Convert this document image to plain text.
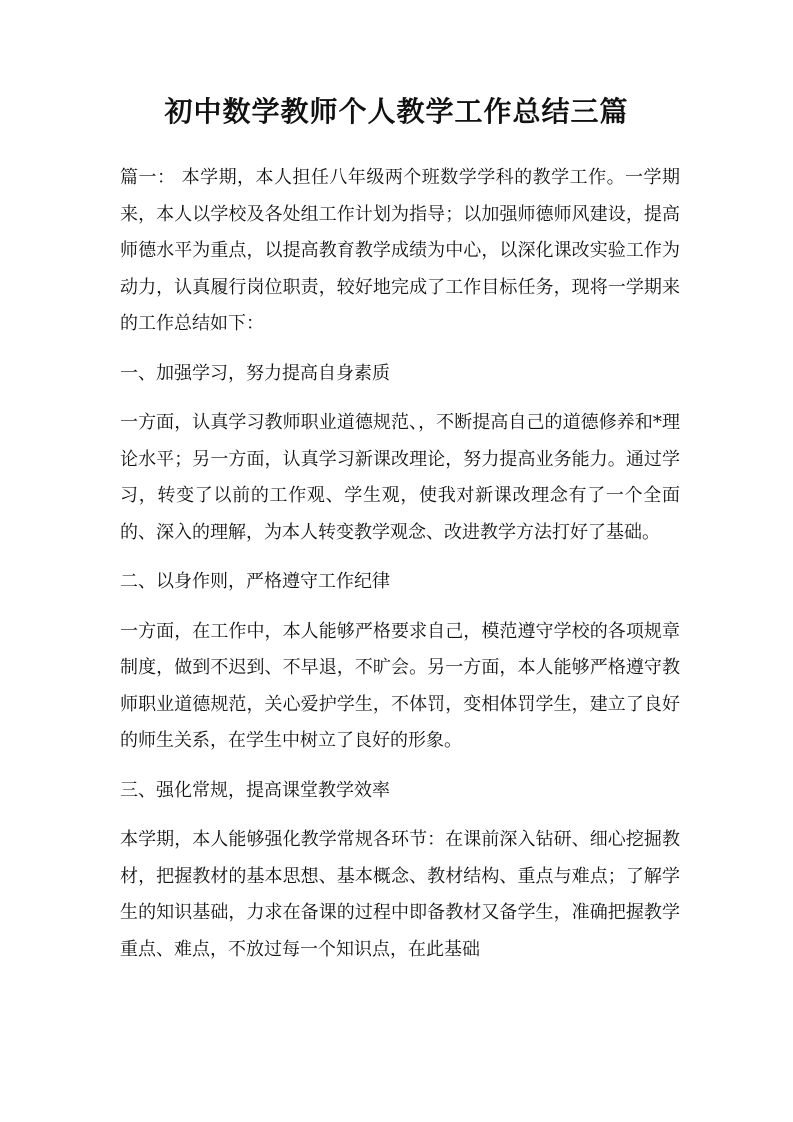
初中数学教师个人教学工作总结三篇

篇一： 本学期，本人担任八年级两个班数学学科的教学工作。一学期来，本人以学校及各处组工作计划为指导；以加强师德师风建设，提高师德水平为重点，以提高教育教学成绩为中心，以深化课改实验工作为动力，认真履行岗位职责，较好地完成了工作目标任务，现将一学期来的工作总结如下：

一、加强学习，努力提高自身素质

一方面，认真学习教师职业道德规范、，不断提高自己的道德修养和*理论水平；另一方面，认真学习新课改理论，努力提高业务能力。通过学习，转变了以前的工作观、学生观，使我对新课改理念有了一个全面的、深入的理解，为本人转变教学观念、改进教学方法打好了基础。

二、以身作则，严格遵守工作纪律

一方面，在工作中，本人能够严格要求自己，模范遵守学校的各项规章制度，做到不迟到、不早退，不旷会。另一方面，本人能够严格遵守教师职业道德规范，关心爱护学生，不体罚，变相体罚学生，建立了良好的师生关系，在学生中树立了良好的形象。

三、强化常规，提高课堂教学效率

本学期，本人能够强化教学常规各环节：在课前深入钻研、细心挖掘教材，把握教材的基本思想、基本概念、教材结构、重点与难点；了解学生的知识基础，力求在备课的过程中即备教材又备学生，准确把握教学重点、难点，不放过每一个知识点，在此基础
